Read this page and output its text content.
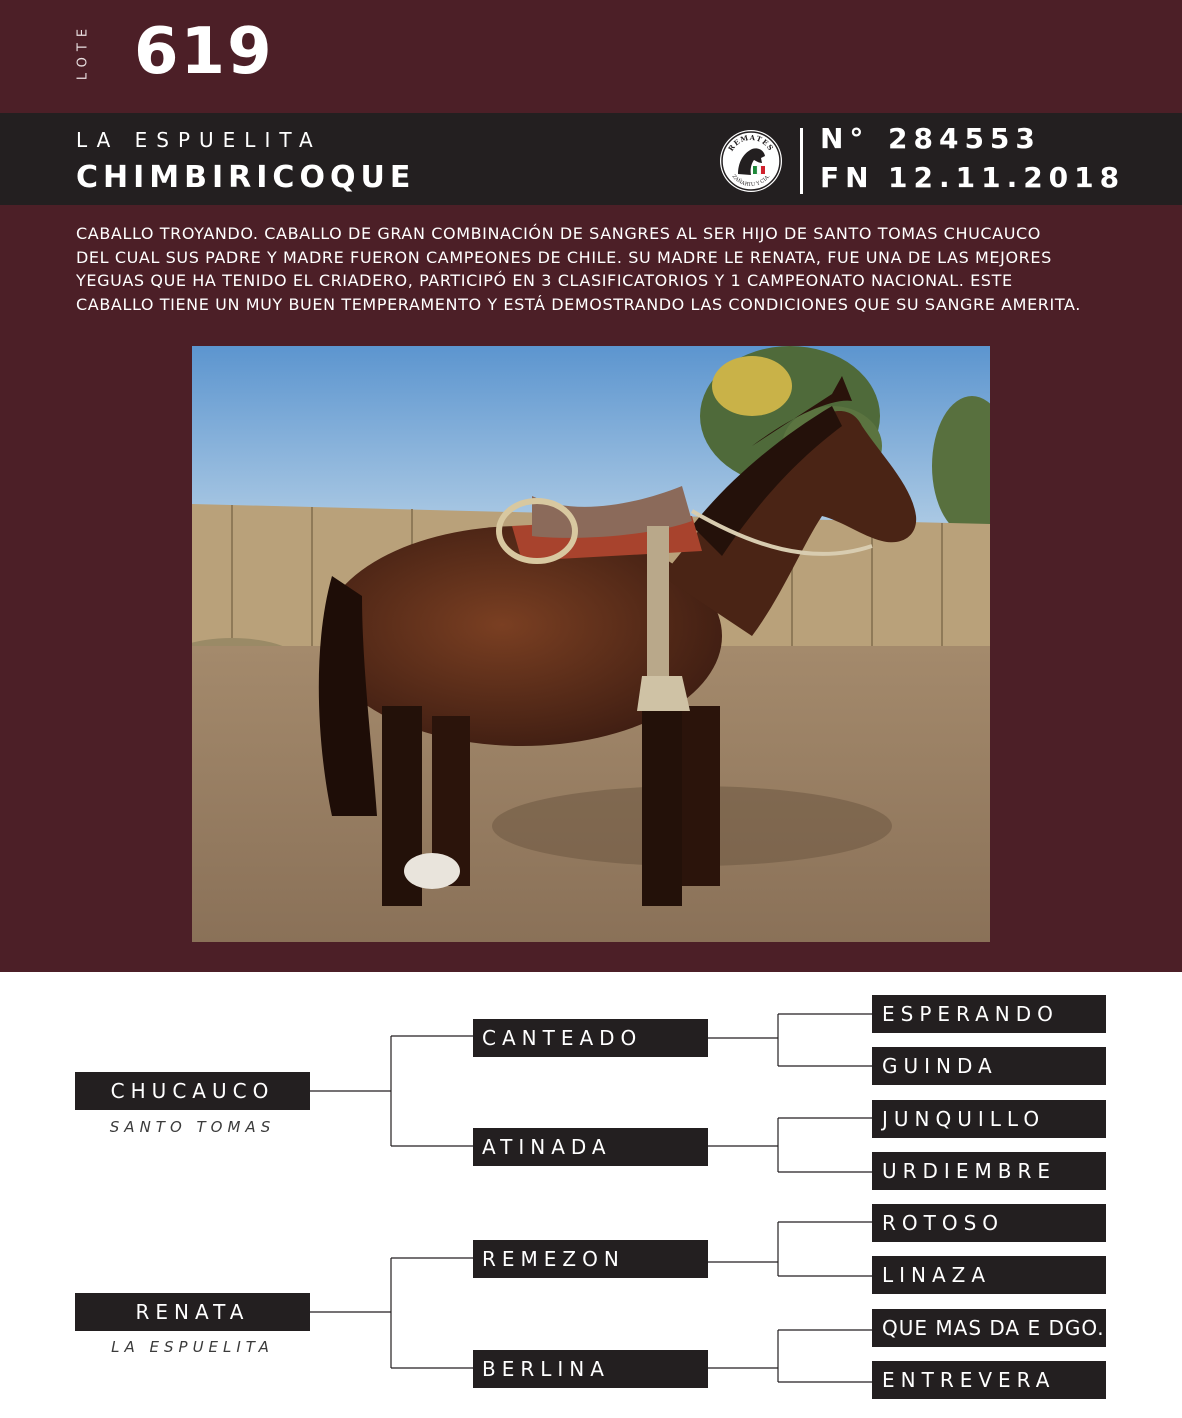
LOTE 619
LA ESPUELITA
CHIMBIRICOQUE
REMATES
ZAÑARTU Y CIA.
N° 284553
FN 12.11.2018

CABALLO TROYANDO. CABALLO DE GRAN COMBINACIÓN DE SANGRES AL SER HIJO DE SANTO TOMAS CHUCAUCO
DEL CUAL SUS PADRE Y MADRE FUERON CAMPEONES DE CHILE. SU MADRE LE RENATA, FUE UNA DE LAS MEJORES
YEGUAS QUE HA TENIDO EL CRIADERO, PARTICIPÓ EN 3 CLASIFICATORIOS Y 1 CAMPEONATO NACIONAL. ESTE
CABALLO TIENE UN MUY BUEN TEMPERAMENTO Y ESTÁ DEMOSTRANDO LAS CONDICIONES QUE SU SANGRE AMERITA.

CHUCAUCO
SANTO TOMAS
RENATA
LA ESPUELITA
CANTEADO
ATINADA
REMEZON
BERLINA
ESPERANDO
GUINDA
JUNQUILLO
URDIEMBRE
ROTOSO
LINAZA
QUE MAS DA E DGO.
ENTREVERA
